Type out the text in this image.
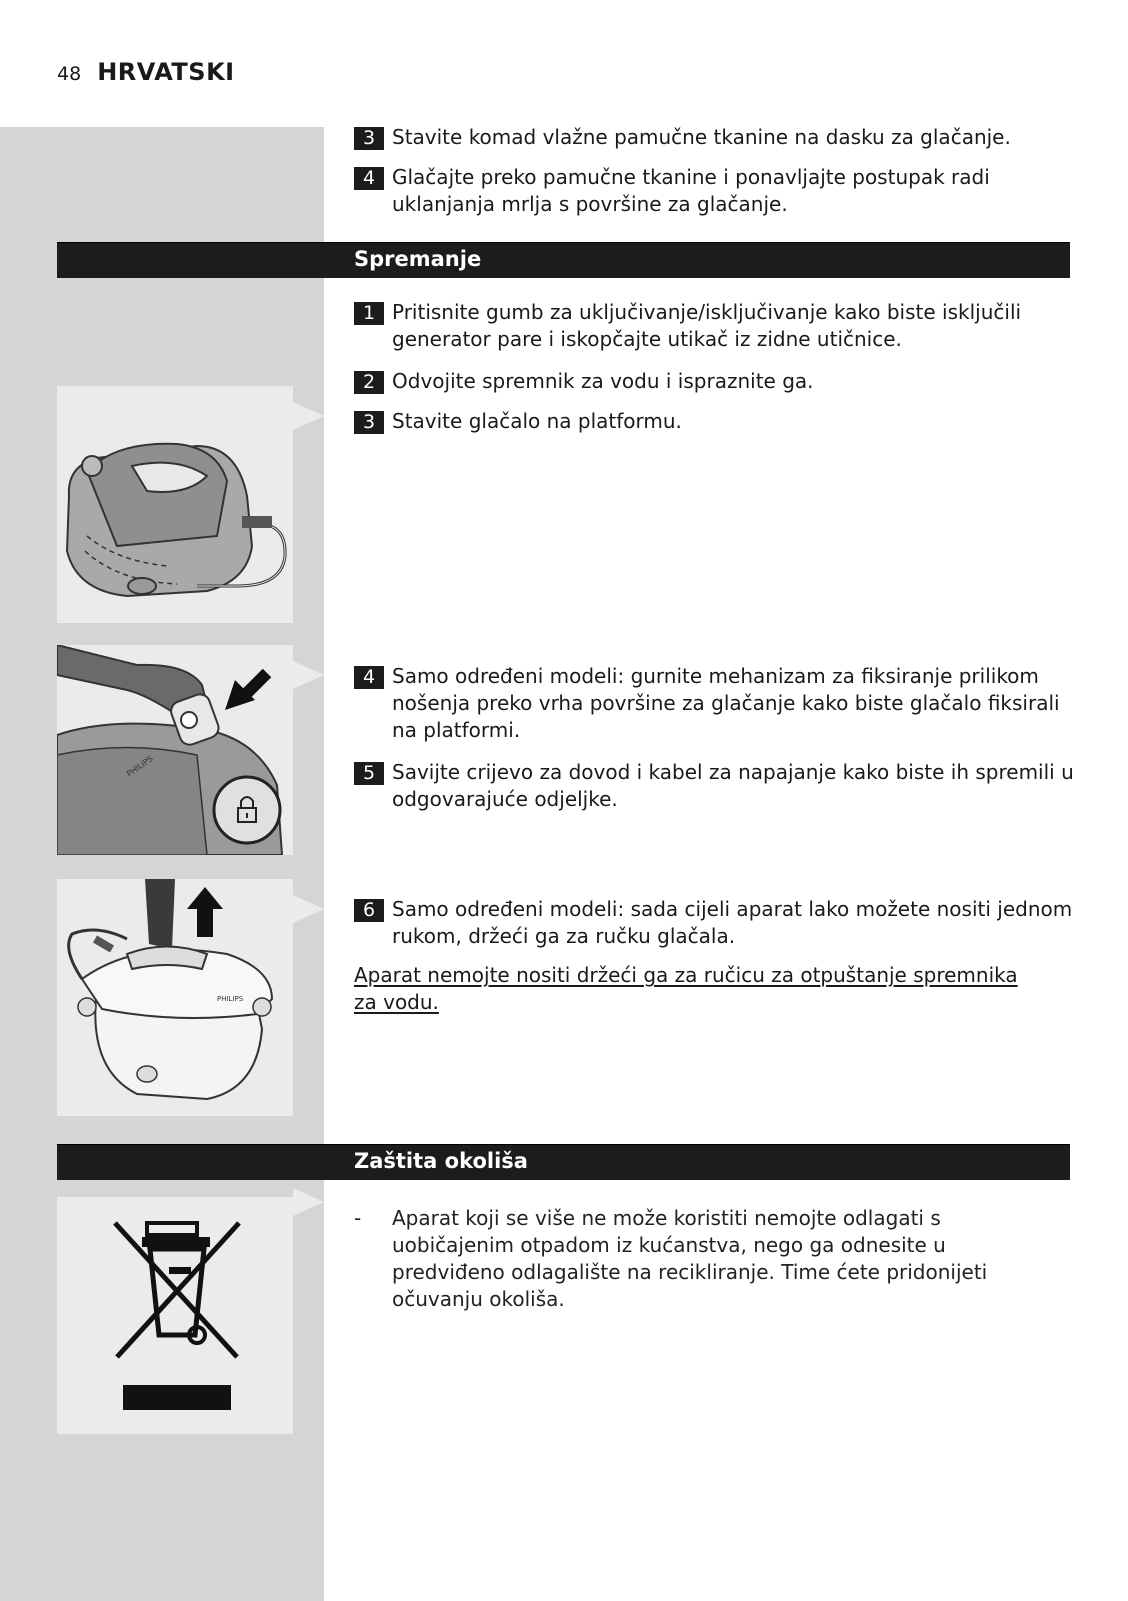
48 HRVATSKI
3 Stavite komad vlažne pamučne tkanine na dasku za glačanje.
4 Glačajte preko pamučne tkanine i ponavljajte postupak radi uklanjanja mrlja s površine za glačanje.
Spremanje
1 Pritisnite gumb za uključivanje/isključivanje kako biste isključili generator pare i iskopčajte utikač iz zidne utičnice.
2 Odvojite spremnik za vodu i ispraznite ga.
3 Stavite glačalo na platformu.
4 Samo određeni modeli: gurnite mehanizam za fiksiranje prilikom nošenja preko vrha površine za glačanje kako biste glačalo fiksirali na platformi.
5 Savijte crijevo za dovod i kabel za napajanje kako biste ih spremili u odgovarajuće odjeljke.
PHILIPS
6 Samo određeni modeli: sada cijeli aparat lako možete nositi jednom rukom, držeći ga za ručku glačala.
Aparat nemojte nositi držeći ga za ručicu za otpuštanje spremnika za vodu.
PHILIPS
Zaštita okoliša
- Aparat koji se više ne može koristiti nemojte odlagati s uobičajenim otpadom iz kućanstva, nego ga odnesite u predviđeno odlagalište na recikliranje. Time ćete pridonijeti očuvanju okoliša.
